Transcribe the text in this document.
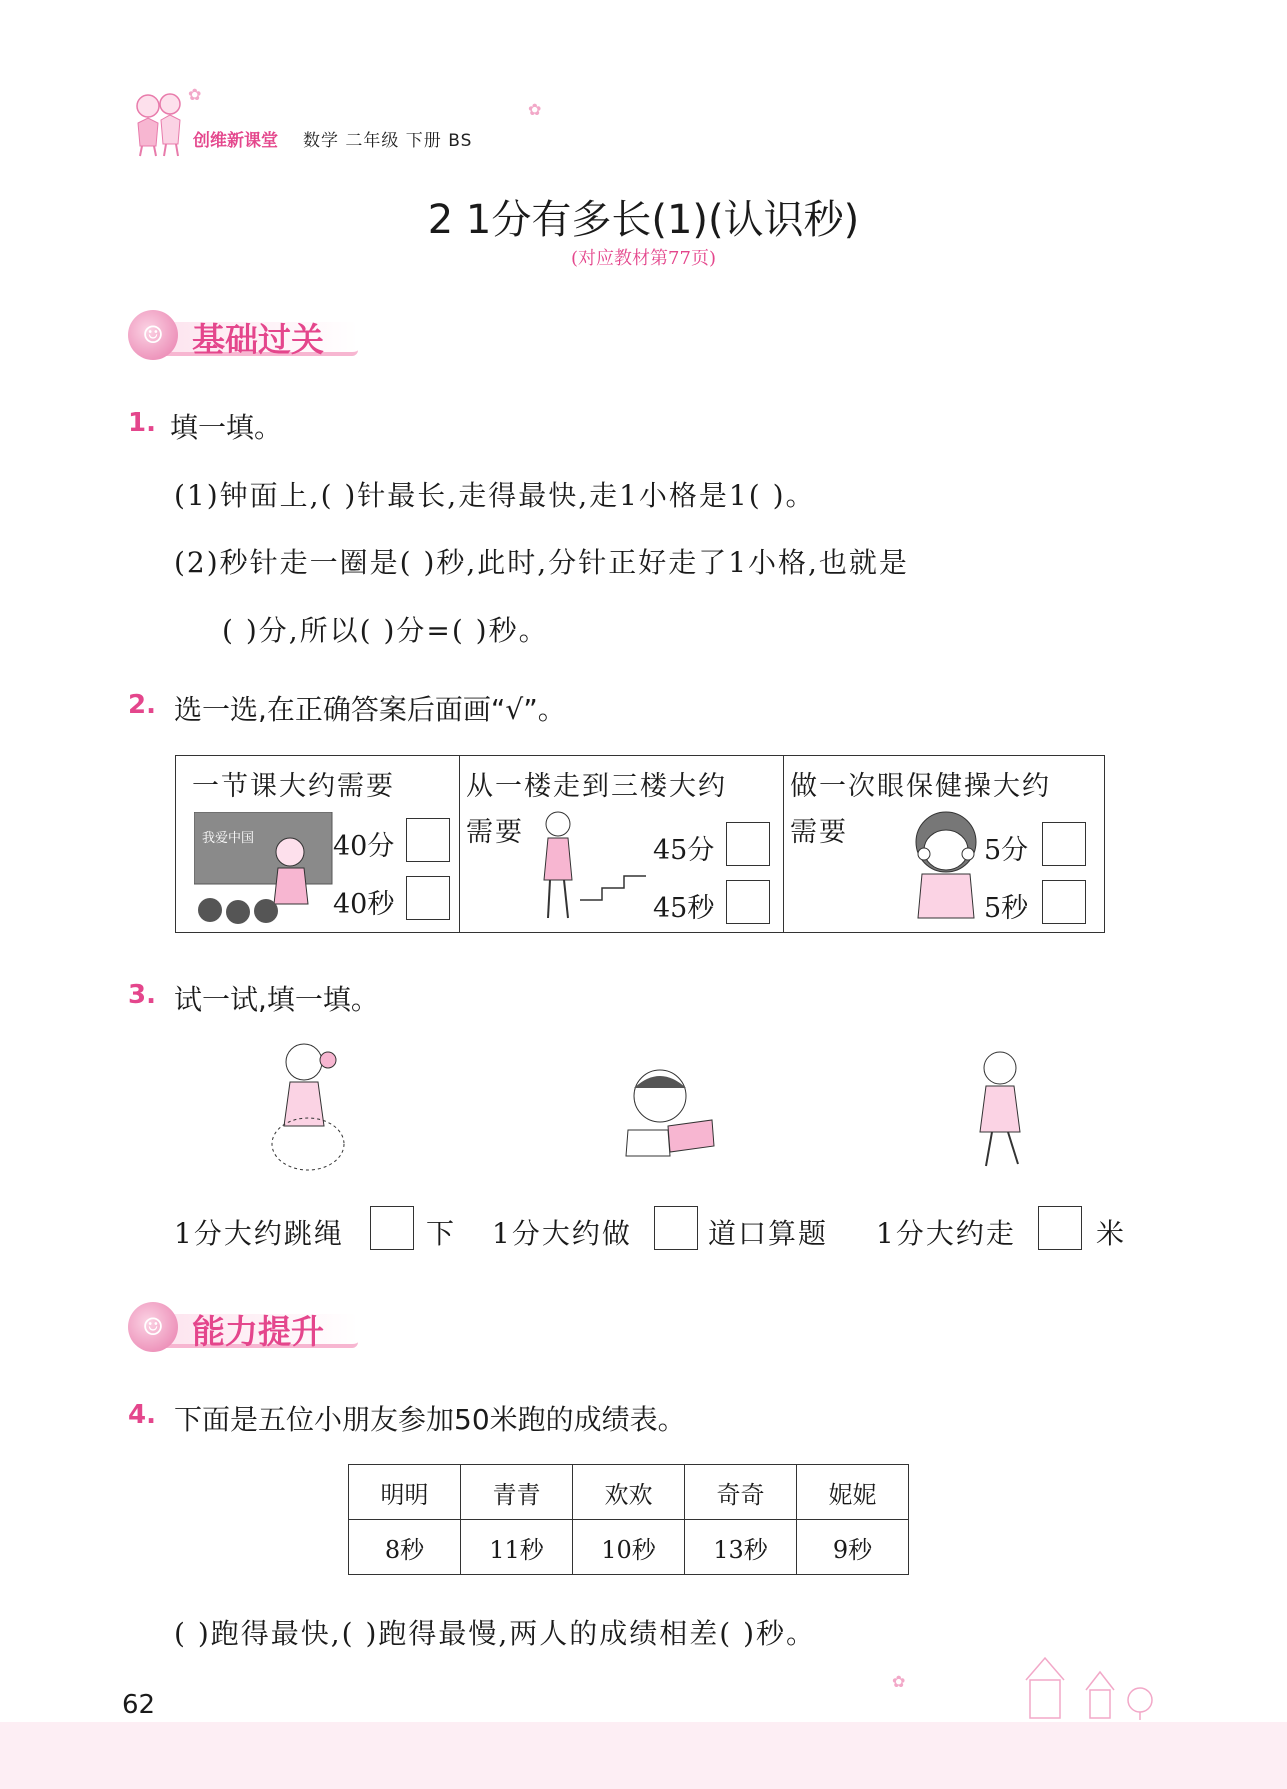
创维新课堂 数学 二年级 下册 BS
✿
✿
2 1分有多长(1)(认识秒)
(对应教材第77页)
☺ 基础过关
1. 填一填。
(1)钟面上,( )针最长,走得最快,走1小格是1( )。
(2)秒针走一圈是( )秒,此时,分针正好走了1小格,也就是
( )分,所以( )分=( )秒。
2. 选一选,在正确答案后面画“√”。
一节课大约需要
我爱中国	40分
40秒
从一楼走到三楼大约
需要
45分
45秒
做一次眼保健操大约
需要
5分
5秒
3. 试一试,填一填。
1分大约跳绳	下 1分大约做	道口算题 1分大约走	米
☺ 能力提升
4. 下面是五位小朋友参加50米跑的成绩表。
明明	青青	欢欢	奇奇	妮妮
8秒	11秒	10秒	13秒	9秒
( )跑得最快,( )跑得最慢,两人的成绩相差( )秒。
62
✿
